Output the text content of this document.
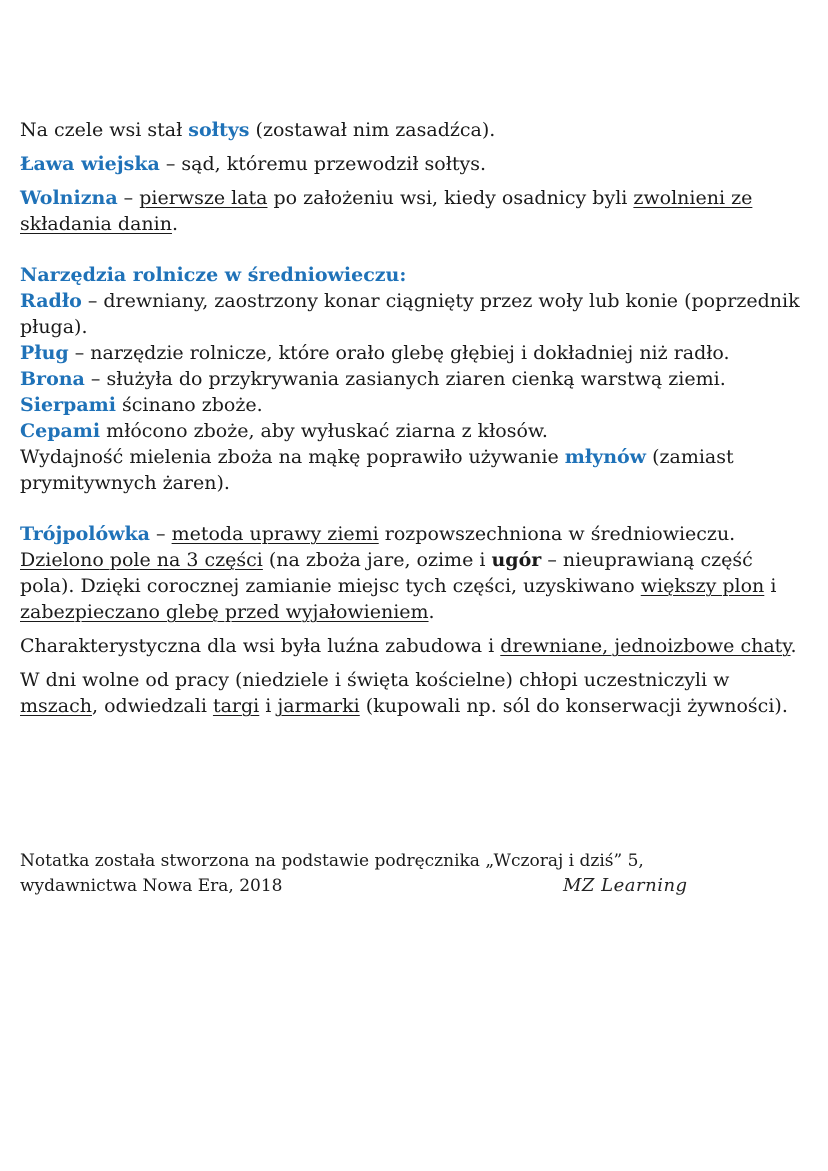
Na czele wsi stał sołtys (zostawał nim zasadźca).

Ława wiejska – sąd, któremu przewodził sołtys.

Wolnizna – pierwsze lata po założeniu wsi, kiedy osadnicy byli zwolnieni ze składania danin.

Narzędzia rolnicze w średniowieczu:

Radło – drewniany, zaostrzony konar ciągnięty przez woły lub konie (poprzednik pługa).

Pług – narzędzie rolnicze, które orało glebę głębiej i dokładniej niż radło.

Brona – służyła do przykrywania zasianych ziaren cienką warstwą ziemi.

Sierpami ścinano zboże.

Cepami młócono zboże, aby wyłuskać ziarna z kłosów.

Wydajność mielenia zboża na mąkę poprawiło używanie młynów (zamiast prymitywnych żaren).

Trójpolówka – metoda uprawy ziemi rozpowszechniona w średniowieczu. Dzielono pole na 3 części (na zboża jare, ozime i ugór – nieuprawianą część pola). Dzięki corocznej zamianie miejsc tych części, uzyskiwano większy plon i zabezpieczano glebę przed wyjałowieniem.

Charakterystyczna dla wsi była luźna zabudowa i drewniane, jednoizbowe chaty.

W dni wolne od pracy (niedziele i święta kościelne) chłopi uczestniczyli w mszach, odwiedzali targi i jarmarki (kupowali np. sól do konserwacji żywności).

Notatka została stworzona na podstawie podręcznika „Wczoraj i dziś” 5,
wydawnictwa Nowa Era, 2018	MZ Learning
